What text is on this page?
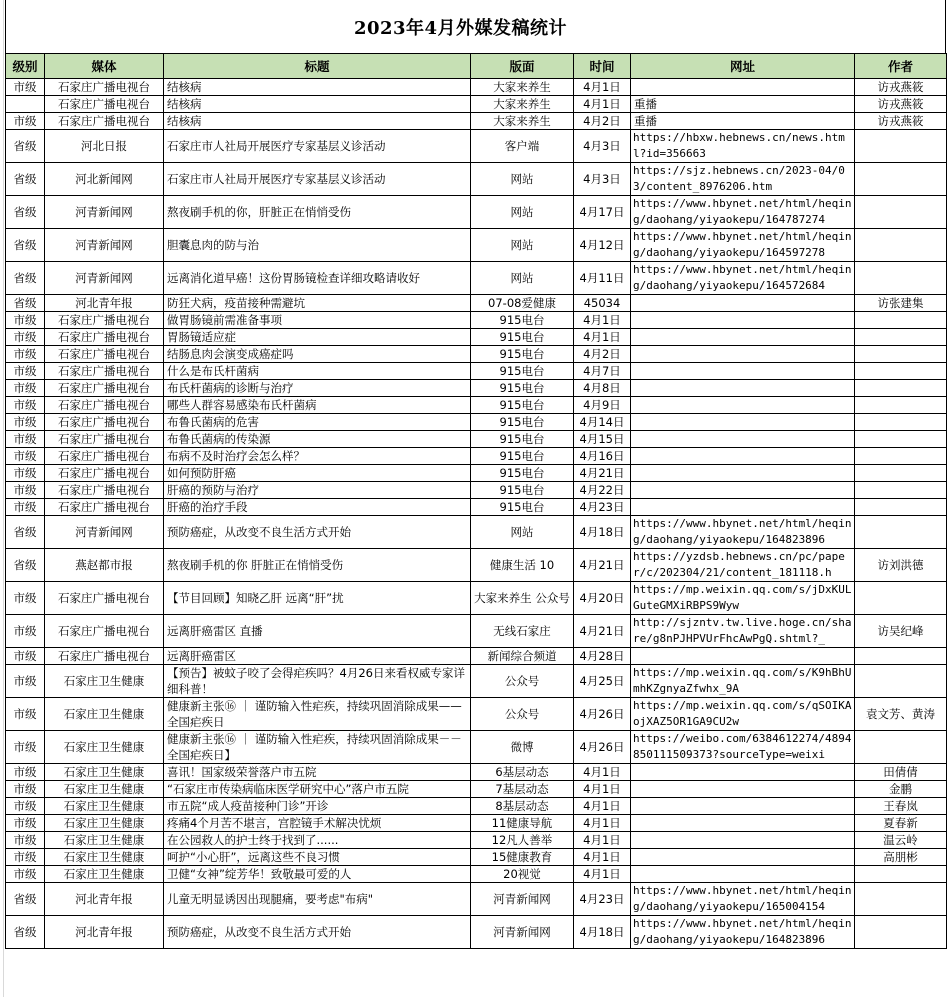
2023年4月外媒发稿统计
级别	媒体	标题	版面	时间	网址	作者
市级	石家庄广播电视台	结核病	大家来养生	4月1日		访戎燕筱
	石家庄广播电视台	结核病	大家来养生	4月1日	重播	访戎燕筱
市级	石家庄广播电视台	结核病	大家来养生	4月2日	重播	访戎燕筱
省级	河北日报	石家庄市人社局开展医疗专家基层义诊活动	客户端	4月3日	https://hbxw.hebnews.cn/news.html?id=356663	
省级	河北新闻网	石家庄市人社局开展医疗专家基层义诊活动	网站	4月3日	https://sjz.hebnews.cn/2023-04/03/content_8976206.htm	
省级	河青新闻网	熬夜刷手机的你，肝脏正在悄悄受伤	网站	4月17日	https://www.hbynet.net/html/heqing/daohang/yiyaokepu/164787274	
省级	河青新闻网	胆囊息肉的防与治	网站	4月12日	https://www.hbynet.net/html/heqing/daohang/yiyaokepu/164597278	
省级	河青新闻网	远离消化道早癌！这份胃肠镜检查详细攻略请收好	网站	4月11日	https://www.hbynet.net/html/heqing/daohang/yiyaokepu/164572684	
省级	河北青年报	防狂犬病，疫苗接种需避坑	07-08爱健康	45034		访张建集
市级	石家庄广播电视台	做胃肠镜前需准备事项	915电台	4月1日		
市级	石家庄广播电视台	胃肠镜适应症	915电台	4月1日		
市级	石家庄广播电视台	结肠息肉会演变成癌症吗	915电台	4月2日		
市级	石家庄广播电视台	什么是布氏杆菌病	915电台	4月7日		
市级	石家庄广播电视台	布氏杆菌病的诊断与治疗	915电台	4月8日		
市级	石家庄广播电视台	哪些人群容易感染布氏杆菌病	915电台	4月9日		
市级	石家庄广播电视台	布鲁氏菌病的危害	915电台	4月14日		
市级	石家庄广播电视台	布鲁氏菌病的传染源	915电台	4月15日		
市级	石家庄广播电视台	布病不及时治疗会怎么样？	915电台	4月16日		
市级	石家庄广播电视台	如何预防肝癌	915电台	4月21日		
市级	石家庄广播电视台	肝癌的预防与治疗	915电台	4月22日		
市级	石家庄广播电视台	肝癌的治疗手段	915电台	4月23日		
省级	河青新闻网	预防癌症，从改变不良生活方式开始	网站	4月18日	https://www.hbynet.net/html/heqing/daohang/yiyaokepu/164823896	
省级	燕赵都市报	熬夜刷手机的你 肝脏正在悄悄受伤	健康生活 10	4月21日	https://yzdsb.hebnews.cn/pc/paper/c/202304/21/content_181118.h	访刘洪德
市级	石家庄广播电视台	【节目回顾】知晓乙肝 远离“肝”扰	大家来养生 公众号	4月20日	https://mp.weixin.qq.com/s/jDxKULGuteGMXiRBPS9Wyw	
市级	石家庄广播电视台	远离肝癌雷区 直播	无线石家庄	4月21日	http://sjzntv.tw.live.hoge.cn/share/g8nPJHPVUrFhcAwPgQ.shtml?_	访吴纪峰
市级	石家庄广播电视台	远离肝癌雷区	新闻综合频道	4月28日		
市级	石家庄卫生健康	【预告】被蚊子咬了会得疟疾吗？4月26日来看权威专家详细科普！	公众号	4月25日	https://mp.weixin.qq.com/s/K9hBhUmhKZgnyaZfwhx_9A	
市级	石家庄卫生健康	健康新主张⑯ ｜ 谨防输入性疟疾，持续巩固消除成果——全国疟疾日	公众号	4月26日	https://mp.weixin.qq.com/s/qSOIKAojXAZ5OR1GA9CU2w	袁文芳、黄涛
市级	石家庄卫生健康	健康新主张⑯ ｜ 谨防输入性疟疾，持续巩固消除成果－－全国疟疾日】	微博	4月26日	https://weibo.com/6384612274/4894850111509373?sourceType=weixi	
市级	石家庄卫生健康	喜讯！国家级荣誉落户市五院	6基层动态	4月1日		田倩倩
市级	石家庄卫生健康	“石家庄市传染病临床医学研究中心”落户市五院	7基层动态	4月1日		金鹏
市级	石家庄卫生健康	市五院“成人疫苗接种门诊”开诊	8基层动态	4月1日		王春岚
市级	石家庄卫生健康	疼痛4个月苦不堪言，宫腔镜手术解决忧烦	11健康导航	4月1日		夏春新
市级	石家庄卫生健康	在公园救人的护士终于找到了......	12凡人善举	4月1日		温云岭
市级	石家庄卫生健康	呵护“小心肝”，远离这些不良习惯	15健康教育	4月1日		高朋彬
市级	石家庄卫生健康	卫健“女神”绽芳华！致敬最可爱的人	20视觉	4月1日		
省级	河北青年报	儿童无明显诱因出现腿痛，要考虑"布病"	河青新闻网	4月23日	https://www.hbynet.net/html/heqing/daohang/yiyaokepu/165004154	
省级	河北青年报	预防癌症，从改变不良生活方式开始	河青新闻网	4月18日	https://www.hbynet.net/html/heqing/daohang/yiyaokepu/164823896	
